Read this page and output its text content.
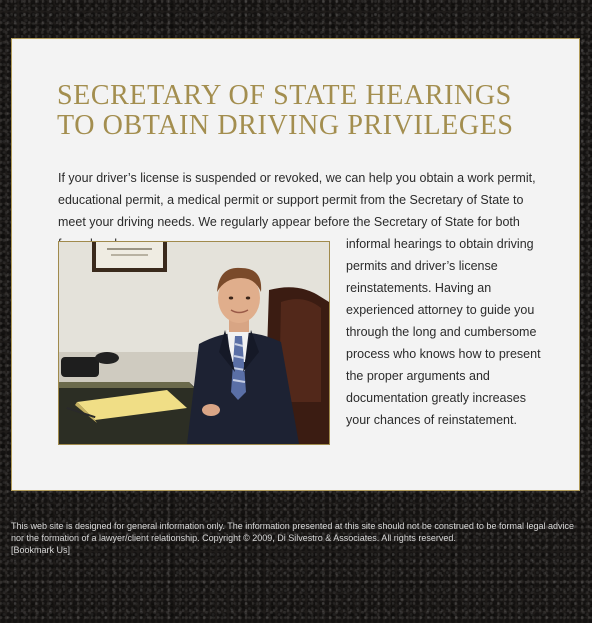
SECRETARY OF STATE HEARINGS
TO OBTAIN DRIVING PRIVILEGES

If your driver’s license is suspended or revoked, we can help you obtain a work permit, educational permit, a medical permit or support permit from the Secretary of State to meet your driving needs. We regularly appear before the Secretary of State for both

informal hearings to obtain driving permits and driver’s license reinstatements. Having an experienced attorney to guide you through the long and cumbersome process who knows how to present the proper arguments and documentation greatly increases your chances of reinstatement.

This web site is designed for general information only. The information presented at this site should not be construed to be formal legal advice nor the formation of a lawyer/client relationship. Copyright © 2009, Di Silvestro & Associates. All rights reserved.
[Bookmark Us]
